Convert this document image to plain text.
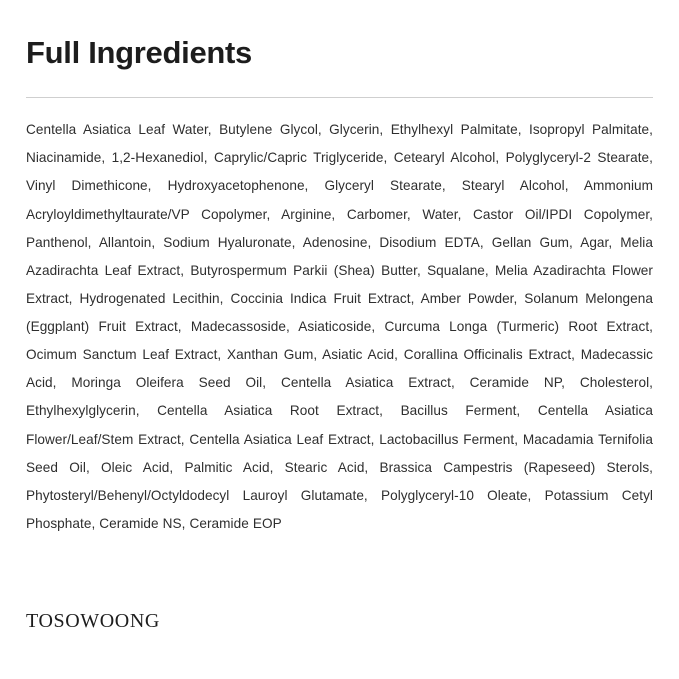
Full Ingredients

Centella Asiatica Leaf Water, Butylene Glycol, Glycerin, Ethylhexyl Palmitate, Isopropyl Palmitate, Niacinamide, 1,2-Hexanediol, Caprylic/Capric Triglyceride, Cetearyl Alcohol, Polyglyceryl-2 Stearate, Vinyl Dimethicone, Hydroxyacetophenone, Glyceryl Stearate, Stearyl Alcohol, Ammonium Acryloyldimethyltaurate/VP Copolymer, Arginine, Carbomer, Water, Castor Oil/IPDI Copolymer, Panthenol, Allantoin, Sodium Hyaluronate, Adenosine, Disodium EDTA, Gellan Gum, Agar, Melia Azadirachta Leaf Extract, Butyrospermum Parkii (Shea) Butter, Squalane, Melia Azadirachta Flower Extract, Hydrogenated Lecithin, Coccinia Indica Fruit Extract, Amber Powder, Solanum Melongena (Eggplant) Fruit Extract, Madecassoside, Asiaticoside, Curcuma Longa (Turmeric) Root Extract, Ocimum Sanctum Leaf Extract, Xanthan Gum, Asiatic Acid, Corallina Officinalis Extract, Madecassic Acid, Moringa Oleifera Seed Oil, Centella Asiatica Extract, Ceramide NP, Cholesterol, Ethylhexylglycerin, Centella Asiatica Root Extract, Bacillus Ferment, Centella Asiatica Flower/Leaf/Stem Extract, Centella Asiatica Leaf Extract, Lactobacillus Ferment, Macadamia Ternifolia Seed Oil, Oleic Acid, Palmitic Acid, Stearic Acid, Brassica Campestris (Rapeseed) Sterols, Phytosteryl/Behenyl/Octyldodecyl Lauroyl Glutamate, Polyglyceryl-10 Oleate, Potassium Cetyl Phosphate, Ceramide NS, Ceramide EOP

TOSOWOONG
